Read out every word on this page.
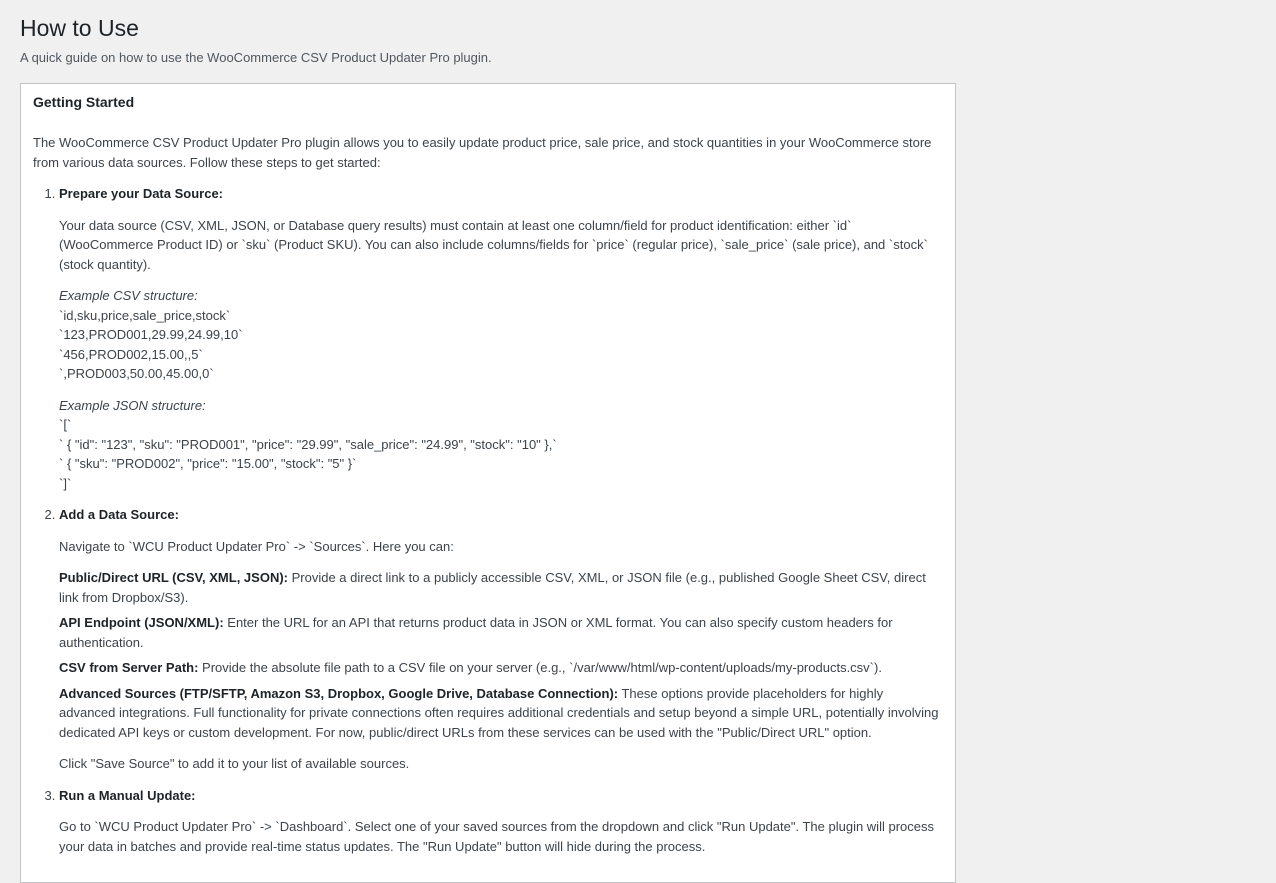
How to Use

A quick guide on how to use the WooCommerce CSV Product Updater Pro plugin.

Getting Started

The WooCommerce CSV Product Updater Pro plugin allows you to easily update product price, sale price, and stock quantities in your WooCommerce store from various data sources. Follow these steps to get started:

1. Prepare your Data Source:

Your data source (CSV, XML, JSON, or Database query results) must contain at least one column/field for product identification: either `id` (WooCommerce Product ID) or `sku` (Product SKU). You can also include columns/fields for `price` (regular price), `sale_price` (sale price), and `stock` (stock quantity).

Example CSV structure:
`id,sku,price,sale_price,stock`
`123,PROD001,29.99,24.99,10`
`456,PROD002,15.00,,5`
`,PROD003,50.00,45.00,0`
Example JSON structure:
`[`
` { "id": "123", "sku": "PROD001", "price": "29.99", "sale_price": "24.99", "stock": "10" },`
` { "sku": "PROD002", "price": "15.00", "stock": "5" }`
`]`
2. Add a Data Source:

Navigate to `WCU Product Updater Pro` -> `Sources`. Here you can:

Public/Direct URL (CSV, XML, JSON): Provide a direct link to a publicly accessible CSV, XML, or JSON file (e.g., published Google Sheet CSV, direct link from Dropbox/S3).

API Endpoint (JSON/XML): Enter the URL for an API that returns product data in JSON or XML format. You can also specify custom headers for authentication.

CSV from Server Path: Provide the absolute file path to a CSV file on your server (e.g., `/var/www/html/wp-content/uploads/my-products.csv`).

Advanced Sources (FTP/SFTP, Amazon S3, Dropbox, Google Drive, Database Connection): These options provide placeholders for highly advanced integrations. Full functionality for private connections often requires additional credentials and setup beyond a simple URL, potentially involving dedicated API keys or custom development. For now, public/direct URLs from these services can be used with the "Public/Direct URL" option.

Click "Save Source" to add it to your list of available sources.

3. Run a Manual Update:

Go to `WCU Product Updater Pro` -> `Dashboard`. Select one of your saved sources from the dropdown and click "Run Update". The plugin will process your data in batches and provide real-time status updates. The "Run Update" button will hide during the process.
